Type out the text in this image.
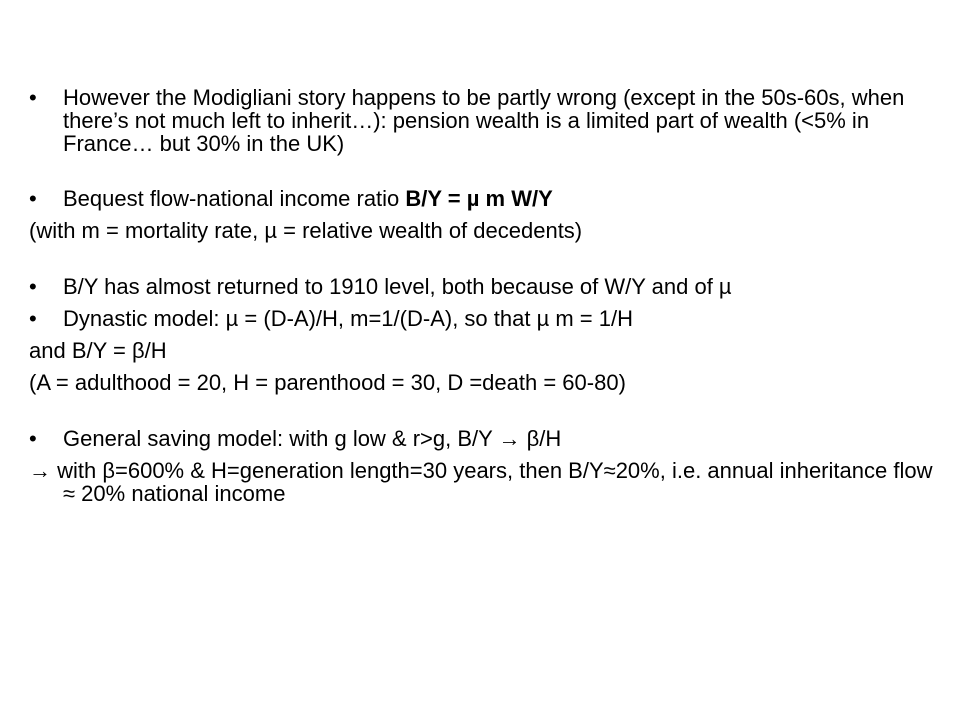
• However the Modigliani story happens to be partly wrong (except in the 50s-60s, when there’s not much left to inherit…): pension wealth is a limited part of wealth (<5% in France… but 30% in the UK)

• Bequest flow-national income ratio B/Y = µ m W/Y

(with m = mortality rate, µ = relative wealth of decedents)

• B/Y has almost returned to 1910 level, both because of W/Y and of µ

• Dynastic model: µ = (D-A)/H, m=1/(D-A), so that µ m = 1/H

and B/Y = β/H

(A = adulthood = 20, H = parenthood = 30, D =death = 60-80)

• General saving model: with g low & r>g, B/Y → β/H

→ with β=600% & H=generation length=30 years, then B/Y≈20%, i.e. annual inheritance flow ≈ 20% national income
